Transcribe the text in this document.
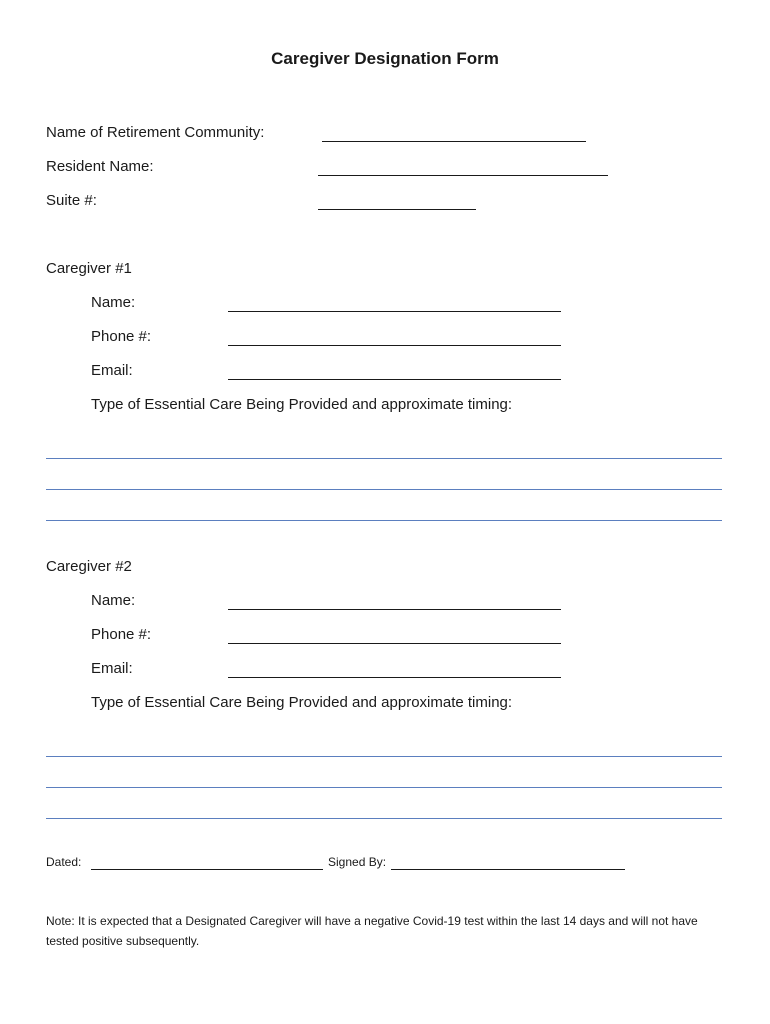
Caregiver Designation Form
Name of Retirement Community:
Resident Name:
Suite #:
Caregiver #1
Name:
Phone #:
Email:
Type of Essential Care Being Provided and approximate timing:
Caregiver #2
Name:
Phone #:
Email:
Type of Essential Care Being Provided and approximate timing:
Dated:	Signed By:
Note: It is expected that a Designated Caregiver will have a negative Covid-19 test within the last 14 days and will not have tested positive subsequently.
